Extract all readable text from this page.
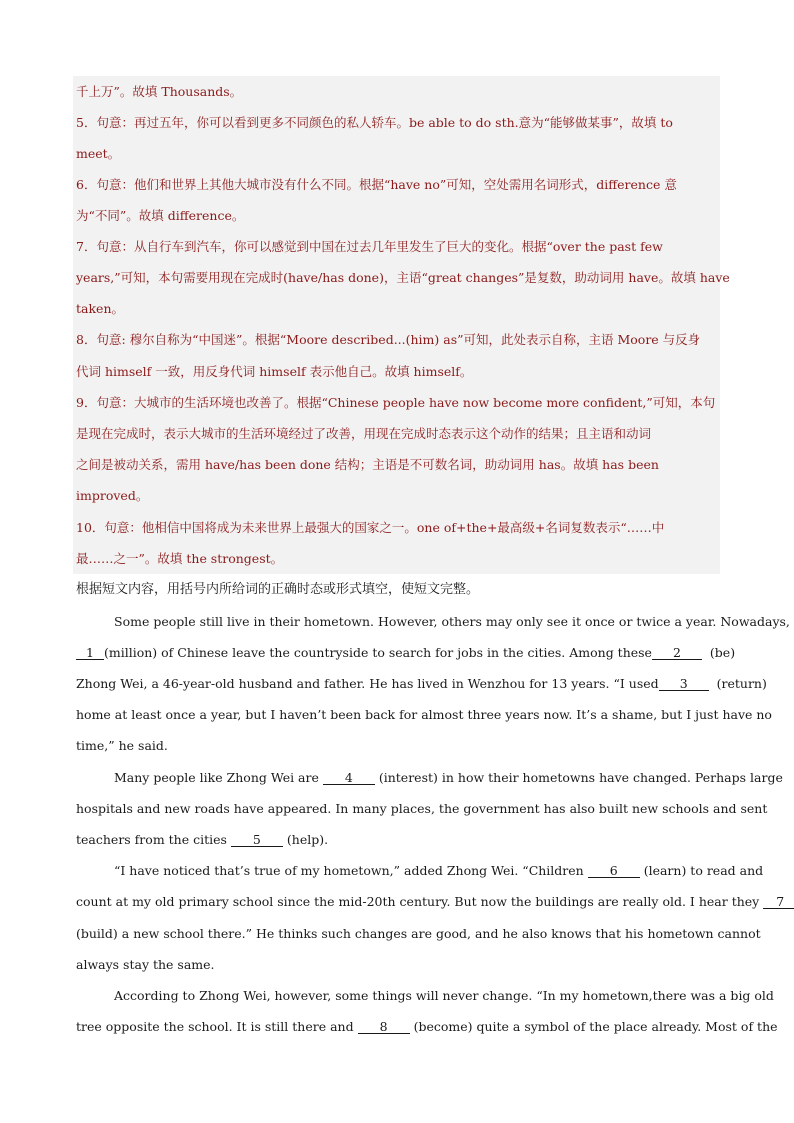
千上万”。故填 Thousands。
5．句意：再过五年，你可以看到更多不同颜色的私人轿车。be able to do sth.意为“能够做某事”，故填 to
meet。
6．句意：他们和世界上其他大城市没有什么不同。根据“have no”可知，空处需用名词形式，difference 意
为“不同”。故填 difference。
7．句意：从自行车到汽车，你可以感觉到中国在过去几年里发生了巨大的变化。根据“over the past few
years,”可知，本句需要用现在完成时(have/has done)，主语“great changes”是复数，助动词用 have。故填 have
taken。
8．句意: 穆尔自称为“中国迷”。根据“Moore described...(him) as”可知，此处表示自称，主语 Moore 与反身
代词 himself 一致，用反身代词 himself 表示他自己。故填 himself。
9．句意：大城市的生活环境也改善了。根据“Chinese people have now become more confident,”可知，本句
是现在完成时，表示大城市的生活环境经过了改善，用现在完成时态表示这个动作的结果；且主语和动词
之间是被动关系，需用 have/has been done 结构；主语是不可数名词，助动词用 has。故填 has been
improved。
10．句意：他相信中国将成为未来世界上最强大的国家之一。one of+the+最高级+名词复数表示“……中
最……之一”。故填 the strongest。
根据短文内容，用括号内所给词的正确时态或形式填空，使短文完整。
Some people still live in their hometown. However, others may only see it once or twice a year. Nowadays,
1 (million) of Chinese leave the countryside to search for jobs in the cities. Among these	2 (be)
Zhong Wei, a 46-year-old husband and father. He has lived in Wenzhou for 13 years. “I used	3 (return)
home at least once a year, but I haven’t been back for almost three years now. It’s a shame, but I just have no
time,” he said.
Many people like Zhong Wei are 4 (interest) in how their hometowns have changed. Perhaps large
hospitals and new roads have appeared. In many places, the government has also built new schools and sent
teachers from the cities 5 (help).
“I have noticed that’s true of my hometown,” added Zhong Wei. “Children 6 (learn) to read and
count at my old primary school since the mid-20th century. But now the buildings are really old. I hear they 7
(build) a new school there.” He thinks such changes are good, and he also knows that his hometown cannot
always stay the same.
According to Zhong Wei, however, some things will never change. “In my hometown,there was a big old
tree opposite the school. It is still there and 8 (become) quite a symbol of the place already. Most of the
